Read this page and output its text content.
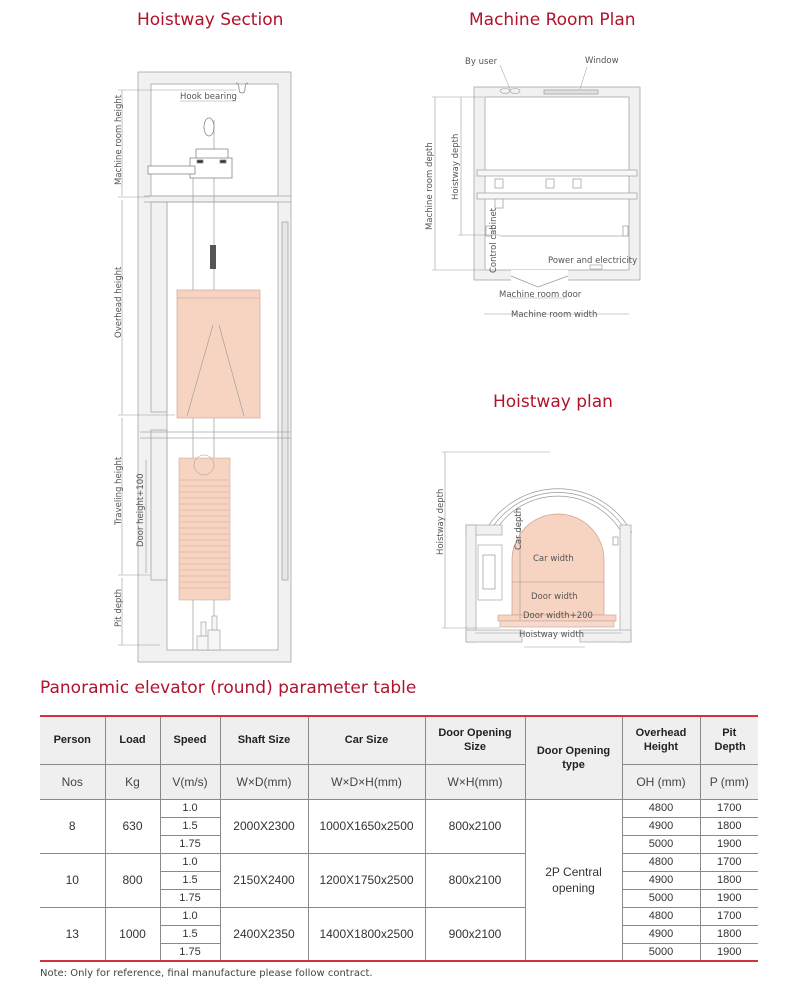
Hoistway Section	Machine Room Plan
Hoistway plan
Hook bearing
Machine room height
Overhead height
Traveling height Door height+100
Pit depth
By user	Window
Machine room depth Hoistway depth
Control cabinet	Power and electricity
Machine room door
Machine room width
Hoistway depth	Car depth
Car width
Door width
Door width+200
Hoistway width
Panoramic elevator (round) parameter table
Person	Load	Speed	Shaft Size	Car Size	Door Opening Size	Door Opening type	Overhead Height	Pit Depth
Nos	Kg	V(m/s)	W×D(mm)	W×D×H(mm)	W×H(mm)		OH (mm)	P (mm)
8	630	1.0	2000X2300	1000X1650x2500	800x2100	2P Central opening	4800	1700
		1.5					4900	1800
		1.75					5000	1900
10	800	1.0	2150X2400	1200X1750x2500	800x2100		4800	1700
		1.5					4900	1800
		1.75					5000	1900
13	1000	1.0	2400X2350	1400X1800x2500	900x2100		4800	1700
		1.5					4900	1800
		1.75					5000	1900
Note: Only for reference, final manufacture please follow contract.
